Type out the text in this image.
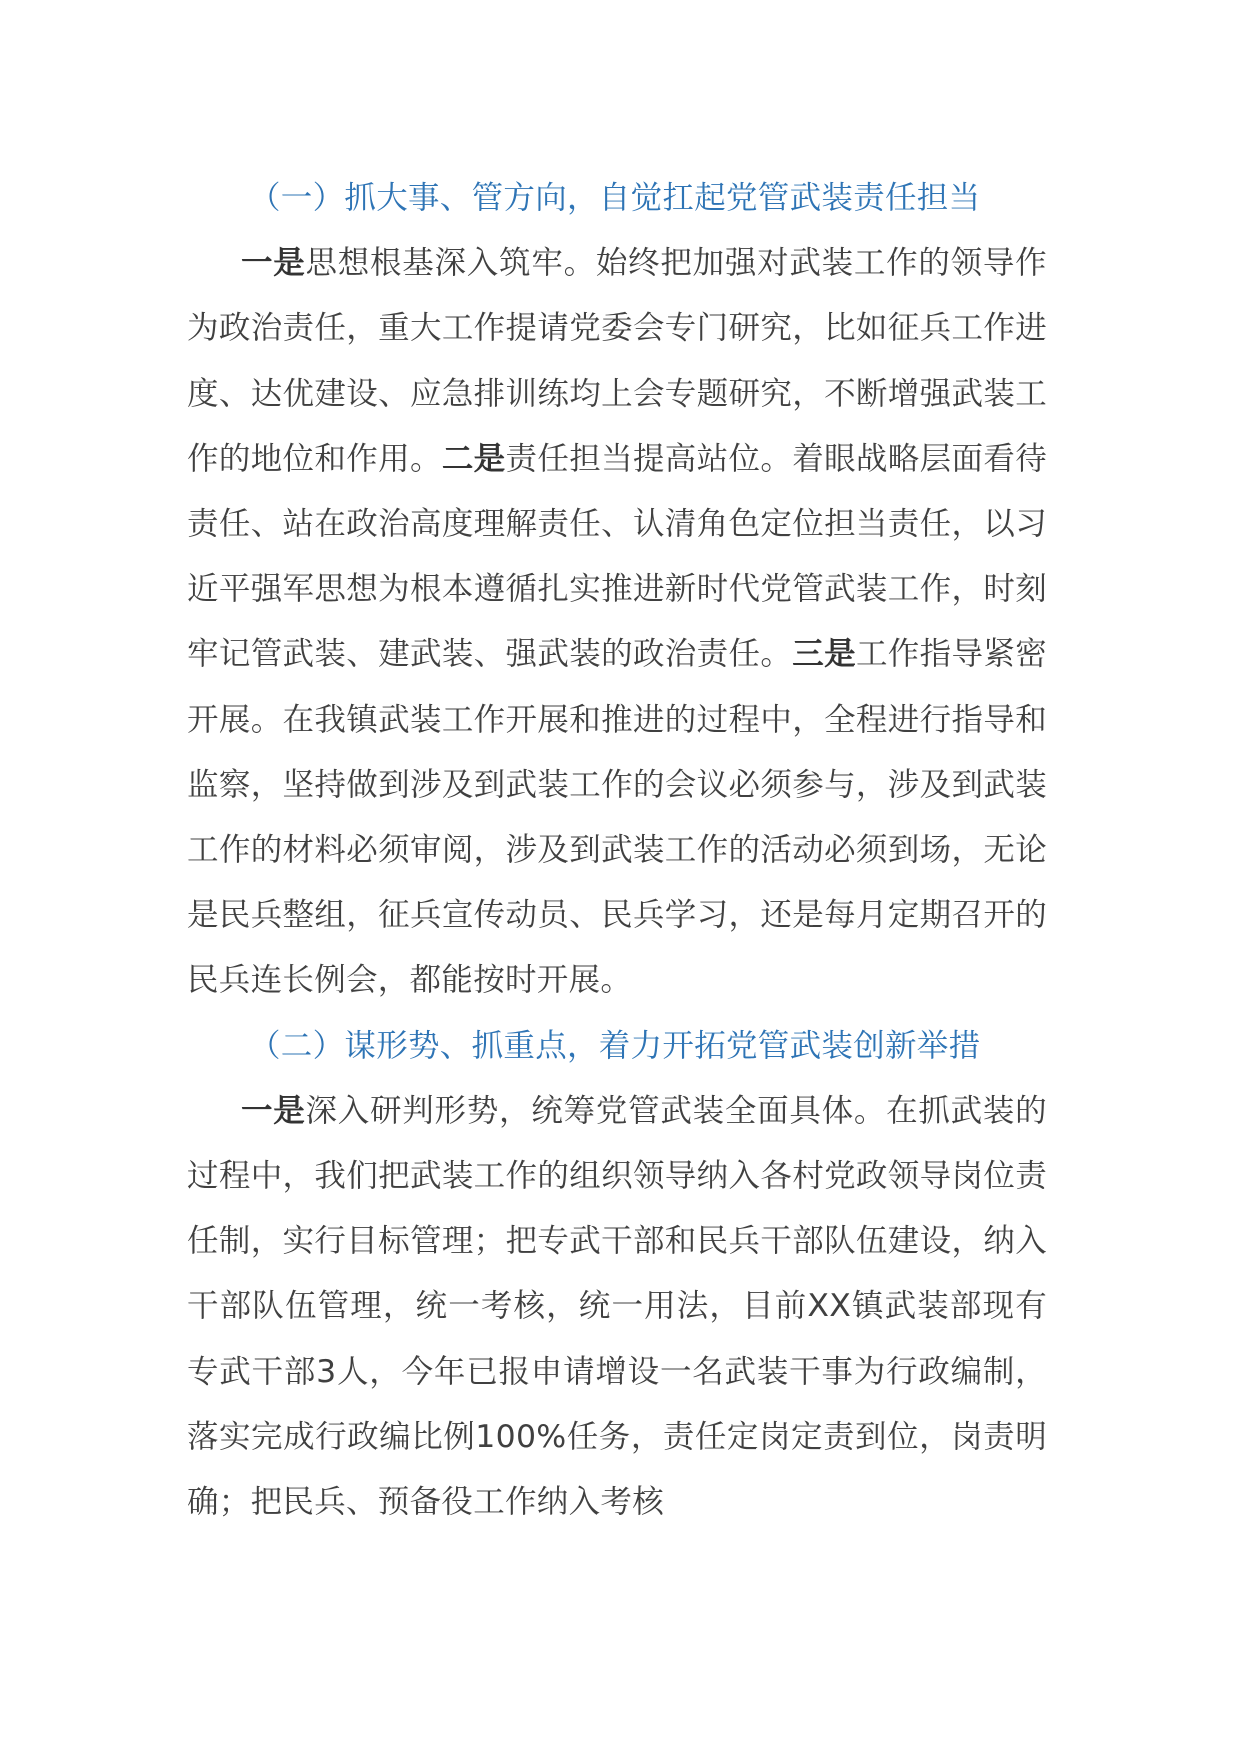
（一）抓大事、管方向，自觉扛起党管武装责任担当

一是思想根基深入筑牢。始终把加强对武装工作的领导作为政治责任，重大工作提请党委会专门研究，比如征兵工作进度、达优建设、应急排训练均上会专题研究，不断增强武装工作的地位和作用。二是责任担当提高站位。着眼战略层面看待责任、站在政治高度理解责任、认清角色定位担当责任，以习近平强军思想为根本遵循扎实推进新时代党管武装工作，时刻牢记管武装、建武装、强武装的政治责任。三是工作指导紧密开展。在我镇武装工作开展和推进的过程中，全程进行指导和监察，坚持做到涉及到武装工作的会议必须参与，涉及到武装工作的材料必须审阅，涉及到武装工作的活动必须到场，无论是民兵整组，征兵宣传动员、民兵学习，还是每月定期召开的民兵连长例会，都能按时开展。

（二）谋形势、抓重点，着力开拓党管武装创新举措

一是深入研判形势，统筹党管武装全面具体。在抓武装的过程中，我们把武装工作的组织领导纳入各村党政领导岗位责任制，实行目标管理；把专武干部和民兵干部队伍建设，纳入干部队伍管理，统一考核，统一用法，目前XX镇武装部现有专武干部3人，今年已报申请增设一名武装干事为行政编制，落实完成行政编比例100%任务，责任定岗定责到位，岗责明确；把民兵、预备役工作纳入考核
